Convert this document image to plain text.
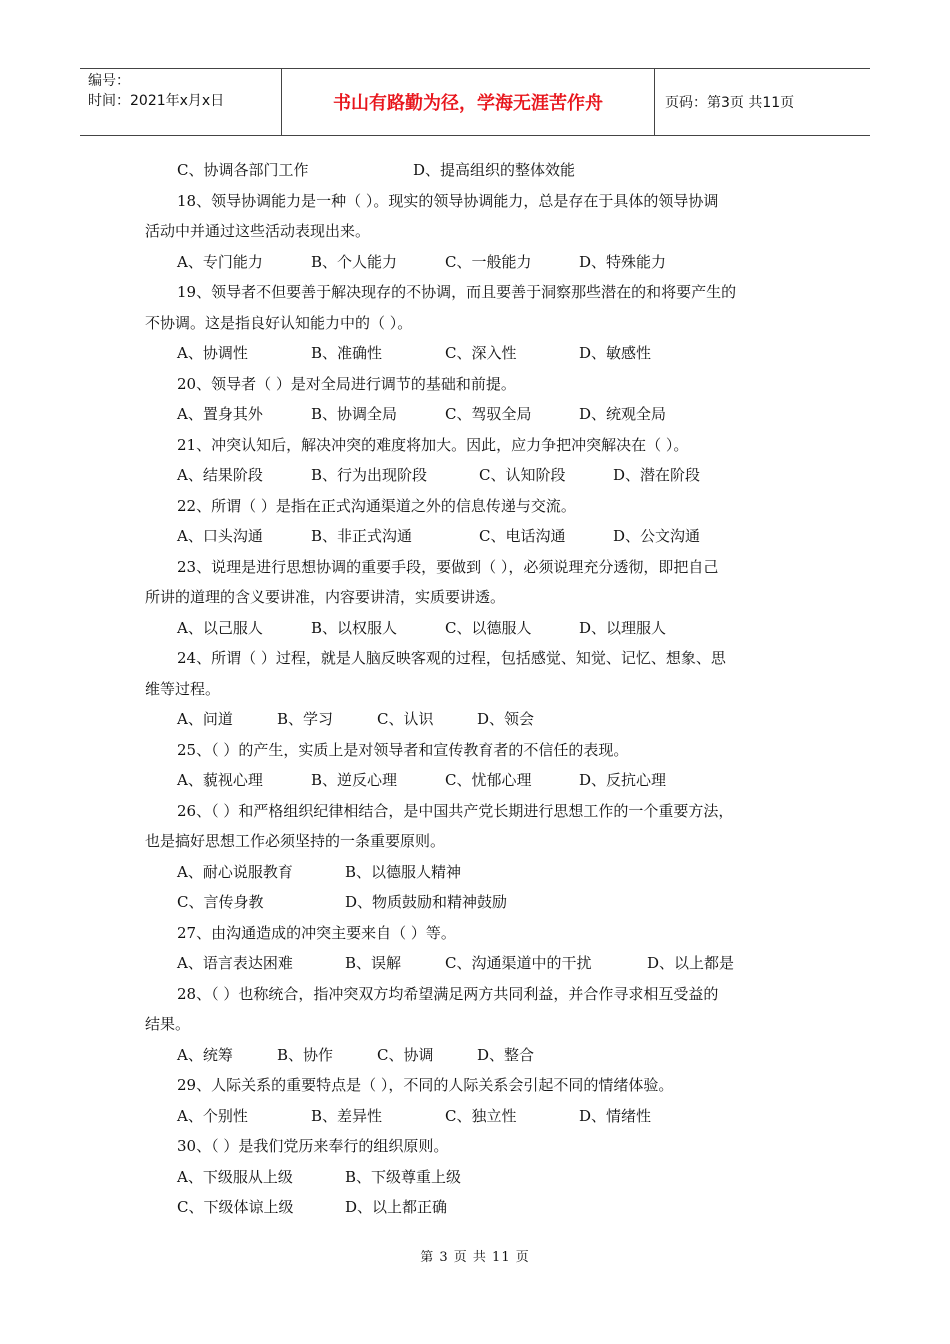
编号：
时间：2021年x月x日	书山有路勤为径，学海无涯苦作舟	页码：第3页 共11页
C、协调各部门工作	D、提高组织的整体效能
18、领导协调能力是一种（ ）。现实的领导协调能力，总是存在于具体的领导协调
活动中并通过这些活动表现出来。
A、专门能力	B、个人能力	C、一般能力	D、特殊能力
19、领导者不但要善于解决现存的不协调，而且要善于洞察那些潜在的和将要产生的
不协调。这是指良好认知能力中的（ ）。
A、协调性	B、准确性	C、深入性	D、敏感性
20、领导者（ ）是对全局进行调节的基础和前提。
A、置身其外	B、协调全局	C、驾驭全局	D、统观全局
21、冲突认知后，解决冲突的难度将加大。因此，应力争把冲突解决在（ ）。
A、结果阶段	B、行为出现阶段	C、认知阶段	D、潜在阶段
22、所谓（ ）是指在正式沟通渠道之外的信息传递与交流。
A、口头沟通	B、非正式沟通	C、电话沟通	D、公文沟通
23、说理是进行思想协调的重要手段，要做到（ ），必须说理充分透彻，即把自己
所讲的道理的含义要讲准，内容要讲清，实质要讲透。
A、以己服人	B、以权服人	C、以德服人	D、以理服人
24、所谓（ ）过程，就是人脑反映客观的过程，包括感觉、知觉、记忆、想象、思
维等过程。
A、问道	B、学习	C、认识	D、领会
25、（ ）的产生，实质上是对领导者和宣传教育者的不信任的表现。
A、藐视心理	B、逆反心理	C、忧郁心理	D、反抗心理
26、（ ）和严格组织纪律相结合，是中国共产党长期进行思想工作的一个重要方法，
也是搞好思想工作必须坚持的一条重要原则。
A、耐心说服教育	B、以德服人精神
C、言传身教	D、物质鼓励和精神鼓励
27、由沟通造成的冲突主要来自（ ）等。
A、语言表达困难	B、误解	C、沟通渠道中的干扰	D、以上都是
28、（ ）也称统合，指冲突双方均希望满足两方共同利益，并合作寻求相互受益的
结果。
A、统筹	B、协作	C、协调	D、整合
29、人际关系的重要特点是（ ），不同的人际关系会引起不同的情绪体验。
A、个别性	B、差异性	C、独立性	D、情绪性
30、（ ）是我们党历来奉行的组织原则。
A、下级服从上级	B、下级尊重上级
C、下级体谅上级	D、以上都正确
第 3 页 共 11 页
